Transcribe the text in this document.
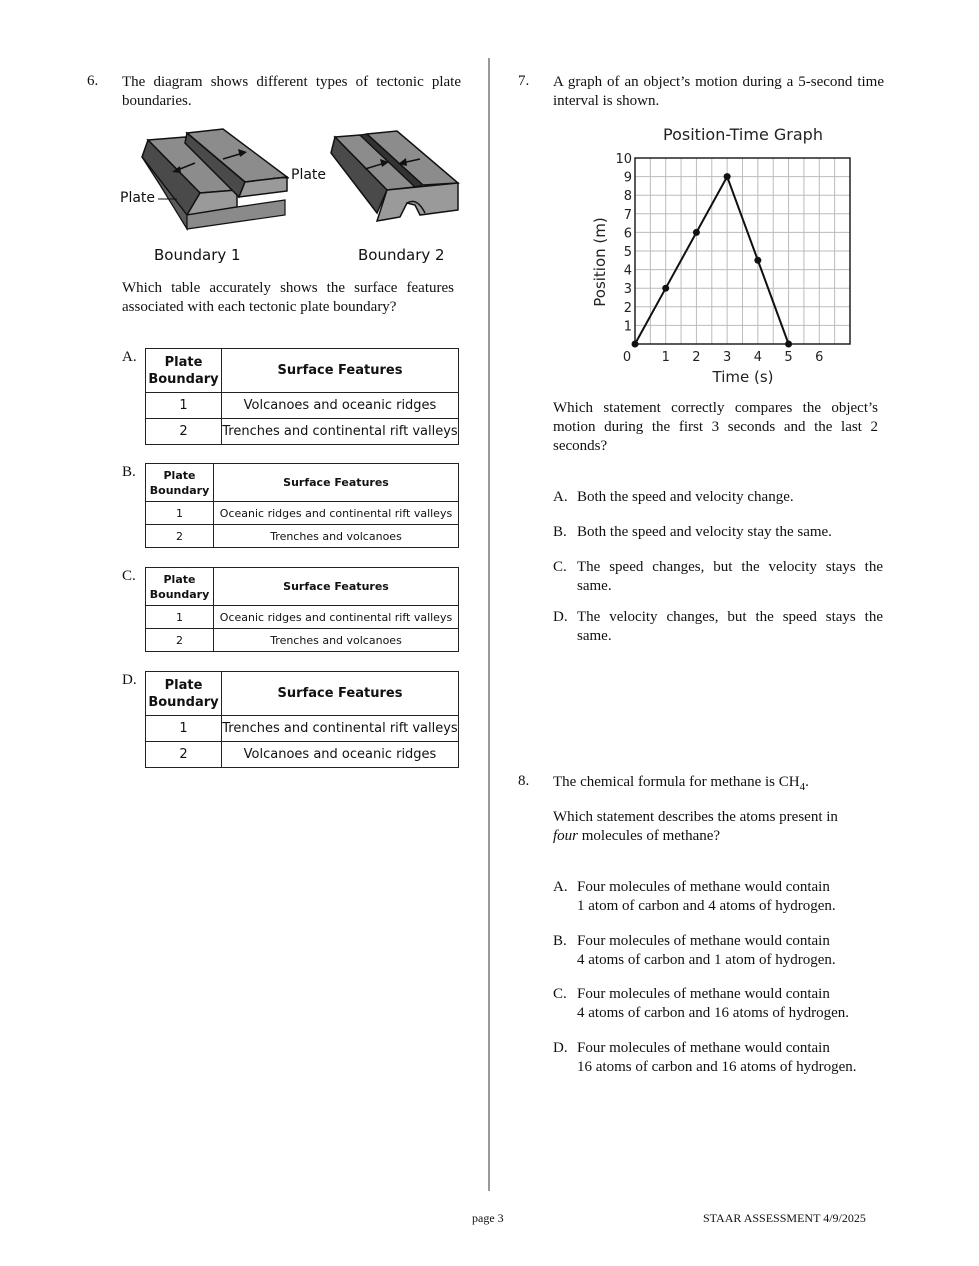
6. The diagram shows different types of tectonic plate boundaries.
Plate
Plate
Boundary 1	Boundary 2
Which table accurately shows the surface features associated with each tectonic plate boundary?
A. Plate Boundary	Surface Features
1	Volcanoes and oceanic ridges
2	Trenches and continental rift valleys
B.	Plate Boundary	Surface Features
1	Oceanic ridges and continental rift valleys
2	Trenches and volcanoes
C.	Plate Boundary	Surface Features
1	Oceanic ridges and continental rift valleys
2	Trenches and volcanoes
D. Plate Boundary	Surface Features
1	Trenches and continental rift valleys
2	Volcanoes and oceanic ridges
7. A graph of an object’s motion during a 5-second time interval is shown.
Position-Time Graph
0 1 2 3 4 5 6
1
2
3
4
5
6
7
8
9
10
Time (s)
Position (m)
Which statement correctly compares the object’s motion during the first 3 seconds and the last 2 seconds?
A. Both the speed and velocity change.
B. Both the speed and velocity stay the same.
C. The speed changes, but the velocity stays the same.
D. The velocity changes, but the speed stays the same.
8. The chemical formula for methane is $CH_4$.
Which statement describes the atoms present in
four molecules of methane?
A. Four molecules of methane would contain
1 atom of carbon and 4 atoms of hydrogen.
B. Four molecules of methane would contain
4 atoms of carbon and 1 atom of hydrogen.
C. Four molecules of methane would contain
4 atoms of carbon and 16 atoms of hydrogen.
D. Four molecules of methane would contain
16 atoms of carbon and 16 atoms of hydrogen.
page 3	STAAR ASSESSMENT 4/9/2025
